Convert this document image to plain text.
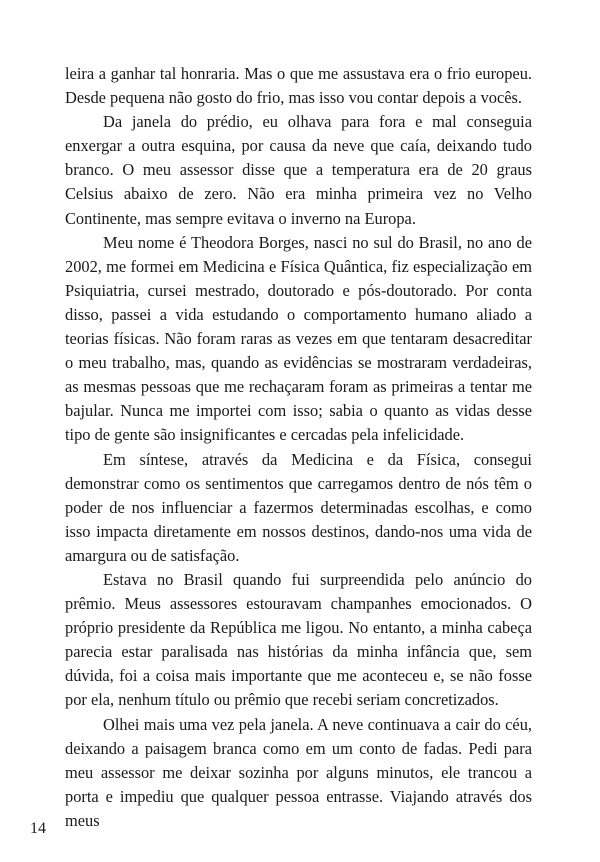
leira a ganhar tal honraria. Mas o que me assustava era o frio europeu. Desde pequena não gosto do frio, mas isso vou contar depois a vocês.

Da janela do prédio, eu olhava para fora e mal conseguia enxergar a outra esquina, por causa da neve que caía, deixando tudo branco. O meu assessor disse que a temperatura era de 20 graus Celsius abaixo de zero. Não era minha primeira vez no Velho Continente, mas sempre evitava o inverno na Europa.

Meu nome é Theodora Borges, nasci no sul do Brasil, no ano de 2002, me formei em Medicina e Física Quântica, fiz especialização em Psiquiatria, cursei mestrado, doutorado e pós-doutorado. Por conta disso, passei a vida estudando o comportamento humano aliado a teorias físicas. Não foram raras as vezes em que tentaram desacreditar o meu trabalho, mas, quando as evidências se mostraram verdadeiras, as mesmas pessoas que me rechaçaram foram as primeiras a tentar me bajular. Nunca me importei com isso; sabia o quanto as vidas desse tipo de gente são insignificantes e cercadas pela infelicidade.

Em síntese, através da Medicina e da Física, consegui demonstrar como os sentimentos que carregamos dentro de nós têm o poder de nos influenciar a fazermos determinadas escolhas, e como isso impacta diretamente em nossos destinos, dando-nos uma vida de amargura ou de satisfação.

Estava no Brasil quando fui surpreendida pelo anúncio do prêmio. Meus assessores estouravam champanhes emocionados. O próprio presidente da República me ligou. No entanto, a minha cabeça parecia estar paralisada nas histórias da minha infância que, sem dúvida, foi a coisa mais importante que me aconteceu e, se não fosse por ela, nenhum título ou prêmio que recebi seriam concretizados.

Olhei mais uma vez pela janela. A neve continuava a cair do céu, deixando a paisagem branca como em um conto de fadas. Pedi para meu assessor me deixar sozinha por alguns minutos, ele trancou a porta e impediu que qualquer pessoa entrasse. Viajando através dos meus

14
